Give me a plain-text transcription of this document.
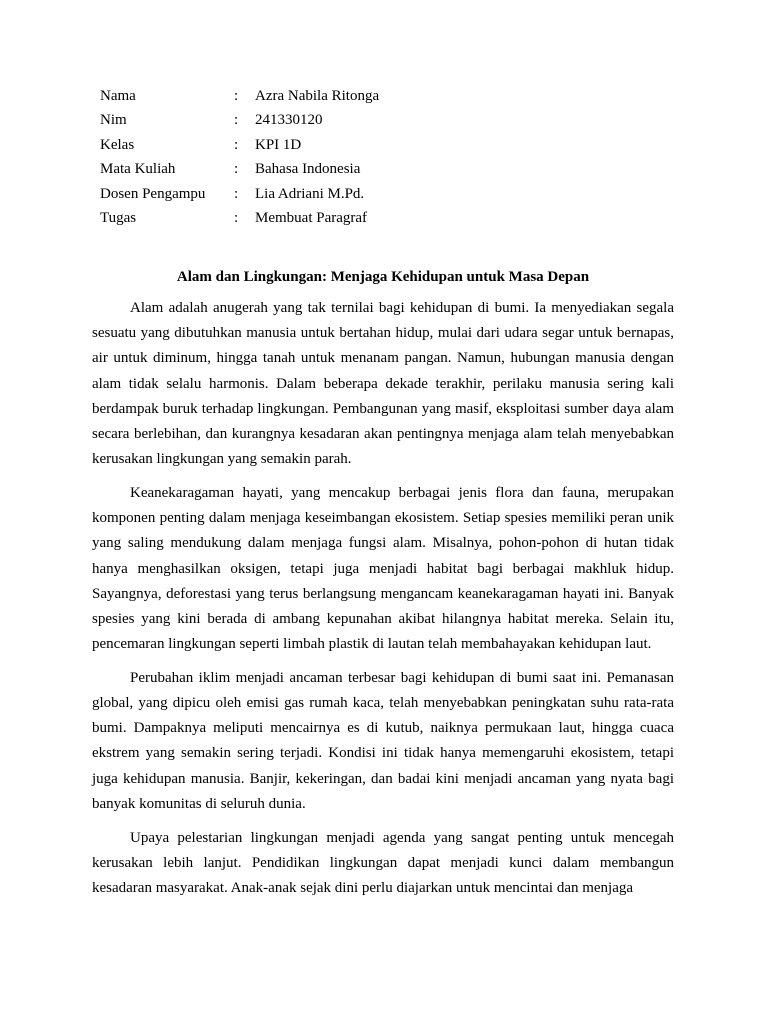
Nama	:	Azra Nabila Ritonga
Nim	:	241330120
Kelas	:	KPI 1D
Mata Kuliah	:	Bahasa Indonesia
Dosen Pengampu	:	Lia Adriani M.Pd.
Tugas	:	Membuat Paragraf
Alam dan Lingkungan: Menjaga Kehidupan untuk Masa Depan

Alam adalah anugerah yang tak ternilai bagi kehidupan di bumi. Ia menyediakan segala sesuatu yang dibutuhkan manusia untuk bertahan hidup, mulai dari udara segar untuk bernapas, air untuk diminum, hingga tanah untuk menanam pangan. Namun, hubungan manusia dengan alam tidak selalu harmonis. Dalam beberapa dekade terakhir, perilaku manusia sering kali berdampak buruk terhadap lingkungan. Pembangunan yang masif, eksploitasi sumber daya alam secara berlebihan, dan kurangnya kesadaran akan pentingnya menjaga alam telah menyebabkan kerusakan lingkungan yang semakin parah.

Keanekaragaman hayati, yang mencakup berbagai jenis flora dan fauna, merupakan komponen penting dalam menjaga keseimbangan ekosistem. Setiap spesies memiliki peran unik yang saling mendukung dalam menjaga fungsi alam. Misalnya, pohon-pohon di hutan tidak hanya menghasilkan oksigen, tetapi juga menjadi habitat bagi berbagai makhluk hidup. Sayangnya, deforestasi yang terus berlangsung mengancam keanekaragaman hayati ini. Banyak spesies yang kini berada di ambang kepunahan akibat hilangnya habitat mereka. Selain itu, pencemaran lingkungan seperti limbah plastik di lautan telah membahayakan kehidupan laut.

Perubahan iklim menjadi ancaman terbesar bagi kehidupan di bumi saat ini. Pemanasan global, yang dipicu oleh emisi gas rumah kaca, telah menyebabkan peningkatan suhu rata-rata bumi. Dampaknya meliputi mencairnya es di kutub, naiknya permukaan laut, hingga cuaca ekstrem yang semakin sering terjadi. Kondisi ini tidak hanya memengaruhi ekosistem, tetapi juga kehidupan manusia. Banjir, kekeringan, dan badai kini menjadi ancaman yang nyata bagi banyak komunitas di seluruh dunia.

Upaya pelestarian lingkungan menjadi agenda yang sangat penting untuk mencegah kerusakan lebih lanjut. Pendidikan lingkungan dapat menjadi kunci dalam membangun kesadaran masyarakat. Anak-anak sejak dini perlu diajarkan untuk mencintai dan menjaga
